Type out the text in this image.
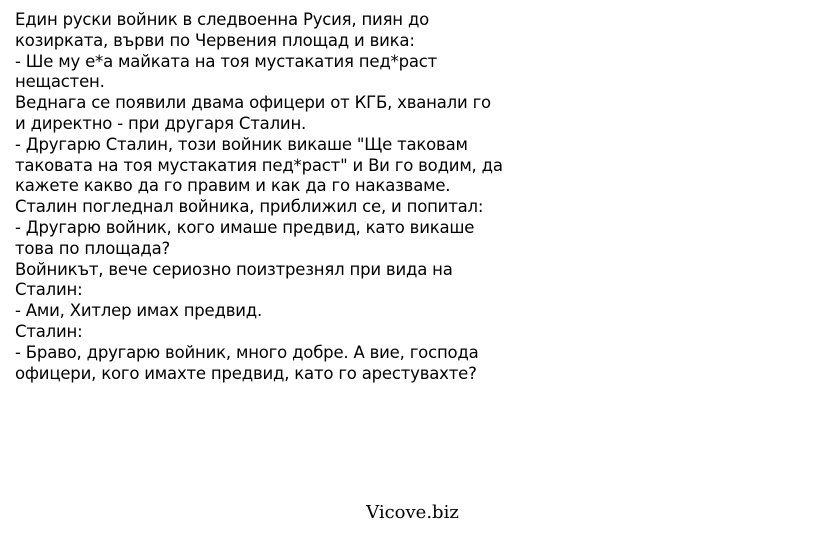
Един руски войник в следвоенна Русия, пиян до
козирката, върви по Червения площад и вика:
- Ше му е*а майката на тоя мустакатия пед*раст
нещастен.
Веднага се появили двама офицери от КГБ, хванали го
и директно - при другаря Сталин.
- Другарю Сталин, този войник викаше "Ще таковам
таковата на тоя мустакатия пед*раст" и Ви го водим, да
кажете какво да го правим и как да го наказваме.
Сталин погледнал войника, приближил се, и попитал:
- Другарю войник, кого имаше предвид, като викаше
това по площада?
Войникът, вече сериозно поизтрезнял при вида на
Сталин:
- Ами, Хитлер имах предвид.
Сталин:
- Браво, другарю войник, много добре. А вие, господа
офицери, кого имахте предвид, като го арестувахте?
Vicove.biz
